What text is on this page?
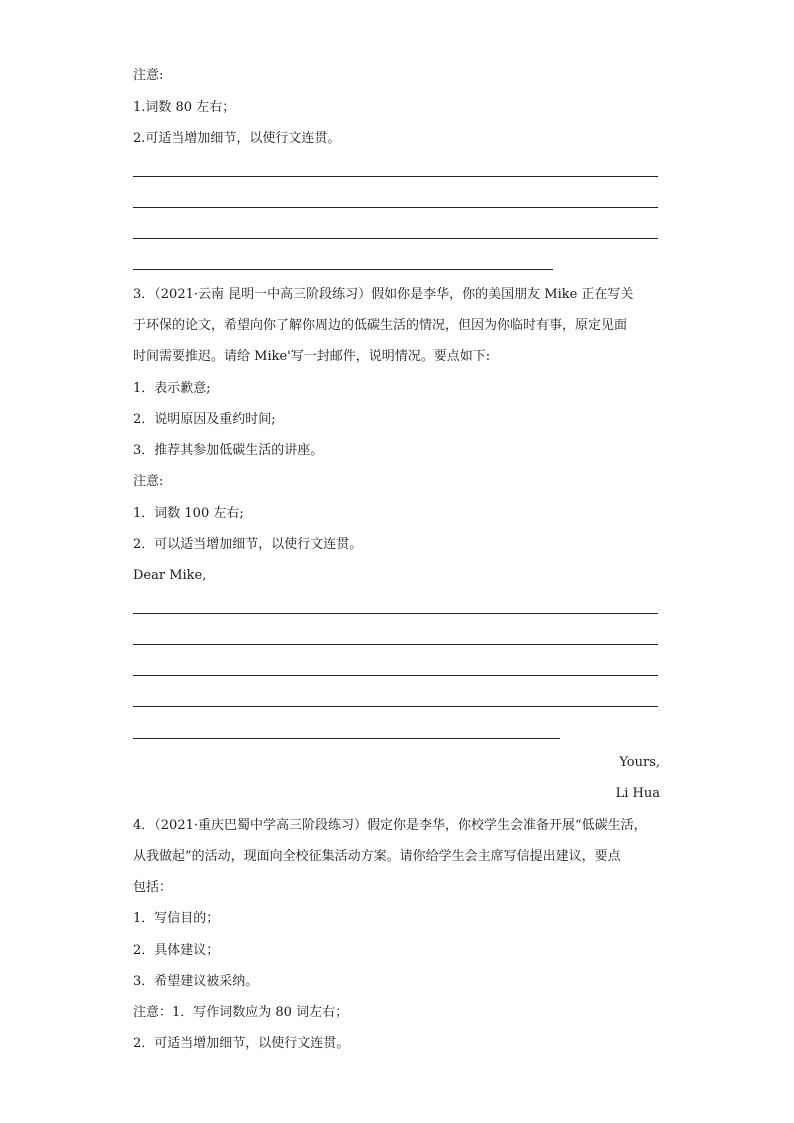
注意:
1.词数 80 左右；
2.可适当增加细节，以使行文连贯。
3．（2021·云南 昆明一中高三阶段练习）假如你是李华，你的美国朋友 Mike 正在写关
于环保的论文，希望向你了解你周边的低碳生活的情况，但因为你临时有事，原定见面
时间需要推迟。请给 Mike'写一封邮件，说明情况。要点如下:
1．表示歉意;
2．说明原因及重约时间;
3．推荐其参加低碳生活的讲座。
注意:
1．词数 100 左右;
2．可以适当增加细节，以使行文连贯。
Dear Mike,
Yours,
Li Hua
4．（2021·重庆巴蜀中学高三阶段练习）假定你是李华，你校学生会准备开展“低碳生活，
从我做起”的活动，现面向全校征集活动方案。请你给学生会主席写信提出建议，要点
包括：
1．写信目的；
2．具体建议；
3．希望建议被采纳。
注意：1．写作词数应为 80 词左右；
2．可适当增加细节，以使行文连贯。
